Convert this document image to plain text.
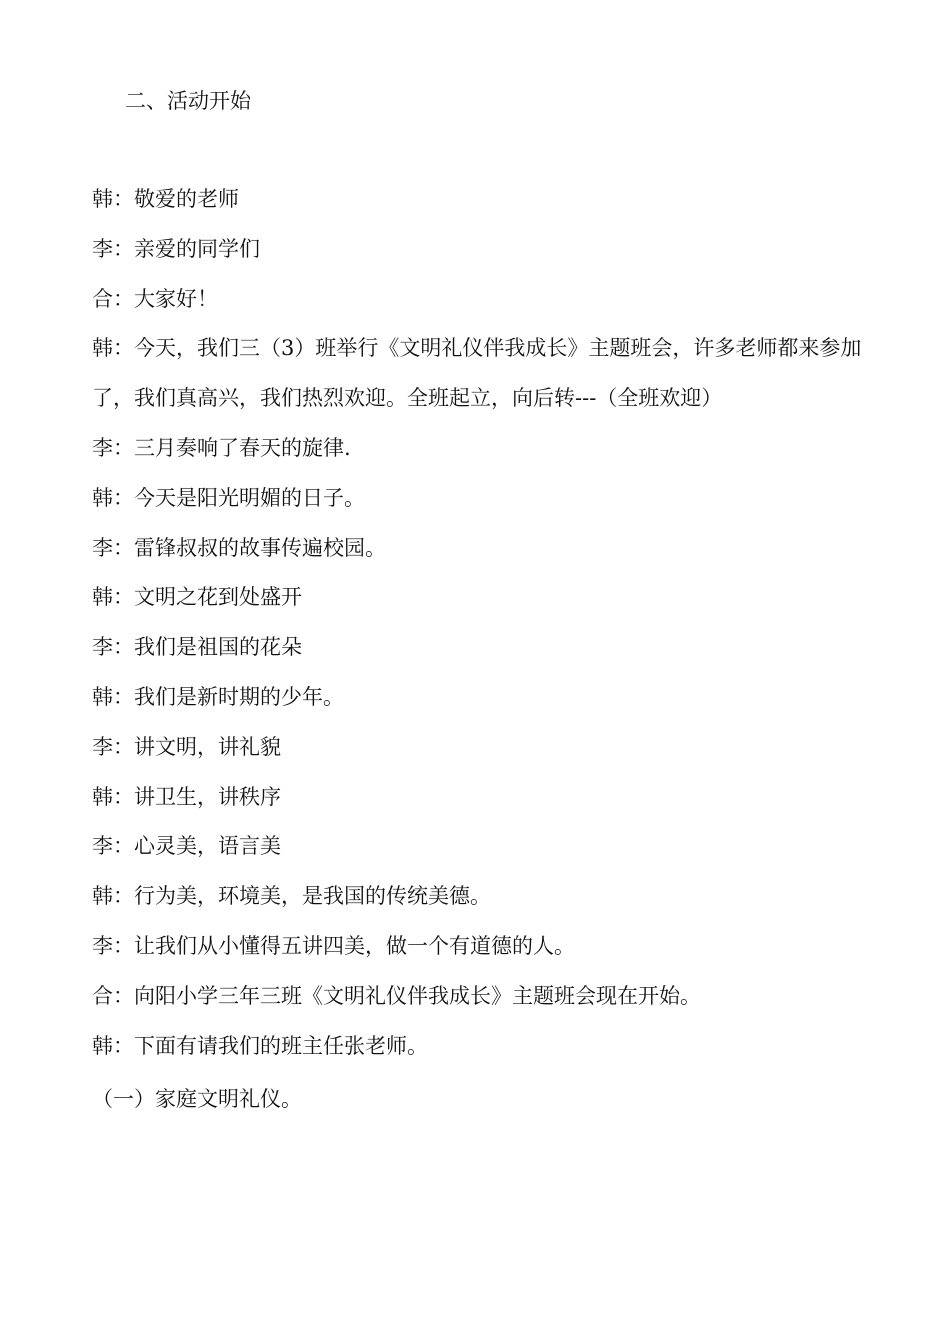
二、活动开始
韩：敬爱的老师
李：亲爱的同学们
合：大家好！
韩：今天，我们三（3）班举行《文明礼仪伴我成长》主题班会，许多老师都来参加了，我们真高兴，我们热烈欢迎。全班起立，向后转---（全班欢迎）
李：三月奏响了春天的旋律.
韩：今天是阳光明媚的日子。
李：雷锋叔叔的故事传遍校园。
韩：文明之花到处盛开
李：我们是祖国的花朵
韩：我们是新时期的少年。
李：讲文明，讲礼貌
韩：讲卫生，讲秩序
李：心灵美，语言美
韩：行为美，环境美，是我国的传统美德。
李：让我们从小懂得五讲四美，做一个有道德的人。
合：向阳小学三年三班《文明礼仪伴我成长》主题班会现在开始。
韩：下面有请我们的班主任张老师。
（一）家庭文明礼仪。
